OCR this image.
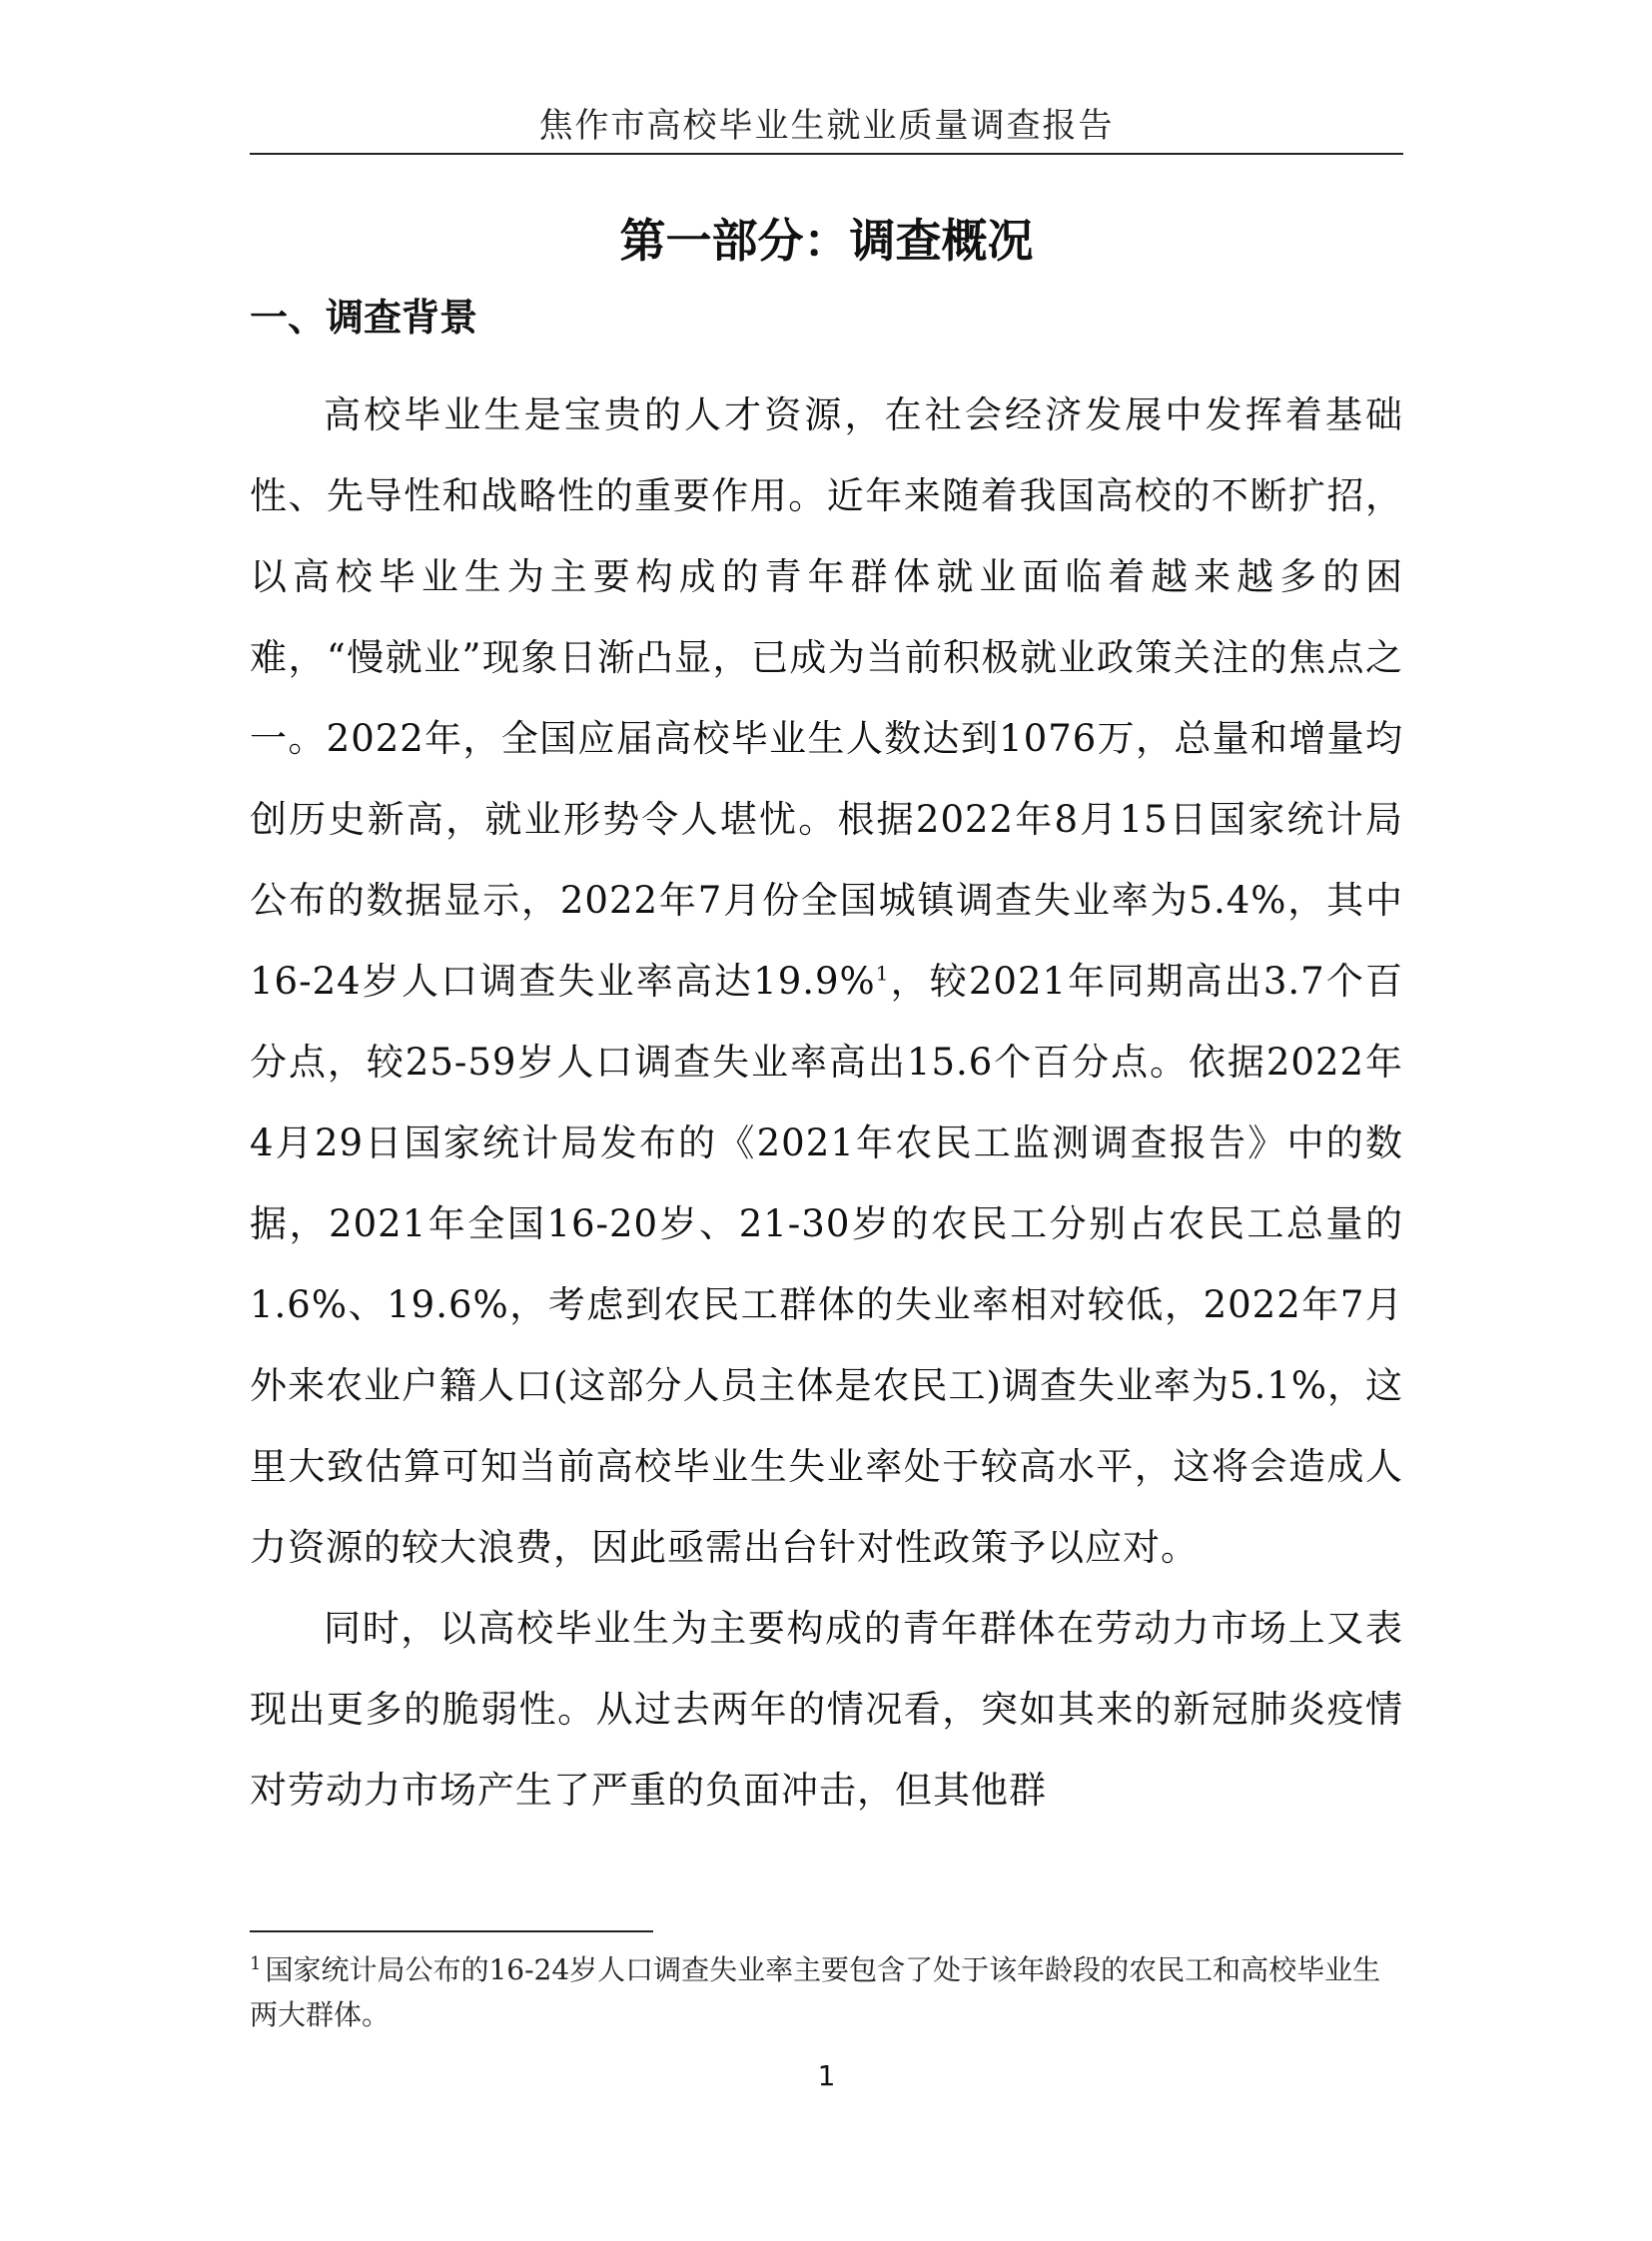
焦作市高校毕业生就业质量调查报告
第一部分：调查概况
一、调查背景

高校毕业生是宝贵的人才资源，在社会经济发展中发挥着基础性、先导性和战略性的重要作用。近年来随着我国高校的不断扩招，以高校毕业生为主要构成的青年群体就业面临着越来越多的困难，“慢就业”现象日渐凸显，已成为当前积极就业政策关注的焦点之一。2022年，全国应届高校毕业生人数达到1076万，总量和增量均创历史新高，就业形势令人堪忧。根据2022年8月15日国家统计局公布的数据显示，2022年7月份全国城镇调查失业率为5.4%，其中16-24岁人口调查失业率高达19.9%$^1$，较2021年同期高出3.7个百分点，较25-59岁人口调查失业率高出15.6个百分点。依据2022年4月29日国家统计局发布的《2021年农民工监测调查报告》中的数据，2021年全国16-20岁、21-30岁的农民工分别占农民工总量的1.6%、19.6%，考虑到农民工群体的失业率相对较低，2022年7月外来农业户籍人口(这部分人员主体是农民工)调查失业率为5.1%，这里大致估算可知当前高校毕业生失业率处于较高水平，这将会造成人力资源的较大浪费，因此亟需出台针对性政策予以应对。

同时，以高校毕业生为主要构成的青年群体在劳动力市场上又表现出更多的脆弱性。从过去两年的情况看，突如其来的新冠肺炎疫情对劳动力市场产生了严重的负面冲击，但其他群

$^1$ 国家统计局公布的16-24岁人口调查失业率主要包含了处于该年龄段的农民工和高校毕业生两大群体。
1
